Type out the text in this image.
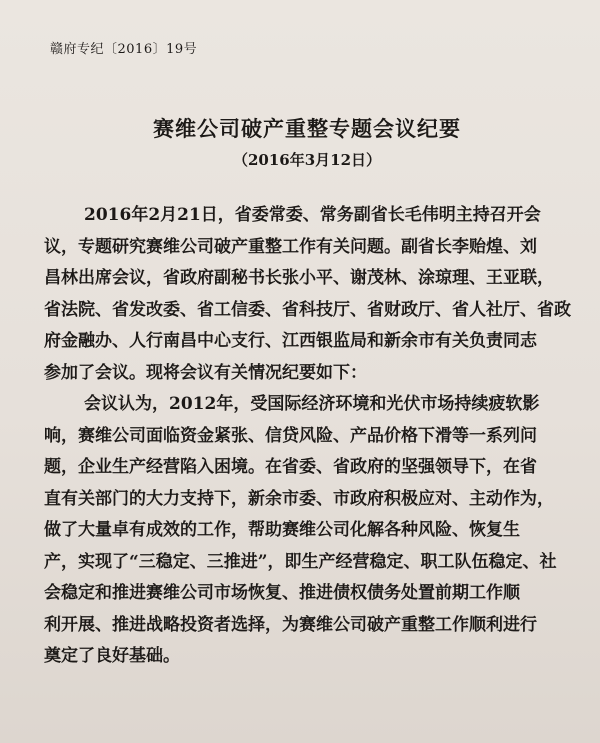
赣府专纪〔2016〕19号
赛维公司破产重整专题会议纪要
（2016年3月12日）
2016年2月21日，省委常委、常务副省长毛伟明主持召开会
议，专题研究赛维公司破产重整工作有关问题。副省长李贻煌、刘
昌林出席会议，省政府副秘书长张小平、谢茂林、涂琼理、王亚联，
省法院、省发改委、省工信委、省科技厅、省财政厅、省人社厅、省政
府金融办、人行南昌中心支行、江西银监局和新余市有关负责同志
参加了会议。现将会议有关情况纪要如下：
会议认为，2012年，受国际经济环境和光伏市场持续疲软影
响，赛维公司面临资金紧张、信贷风险、产品价格下滑等一系列问
题，企业生产经营陷入困境。在省委、省政府的坚强领导下，在省
直有关部门的大力支持下，新余市委、市政府积极应对、主动作为，
做了大量卓有成效的工作，帮助赛维公司化解各种风险、恢复生
产，实现了“三稳定、三推进”，即生产经营稳定、职工队伍稳定、社
会稳定和推进赛维公司市场恢复、推进债权债务处置前期工作顺
利开展、推进战略投资者选择，为赛维公司破产重整工作顺利进行
奠定了良好基础。
